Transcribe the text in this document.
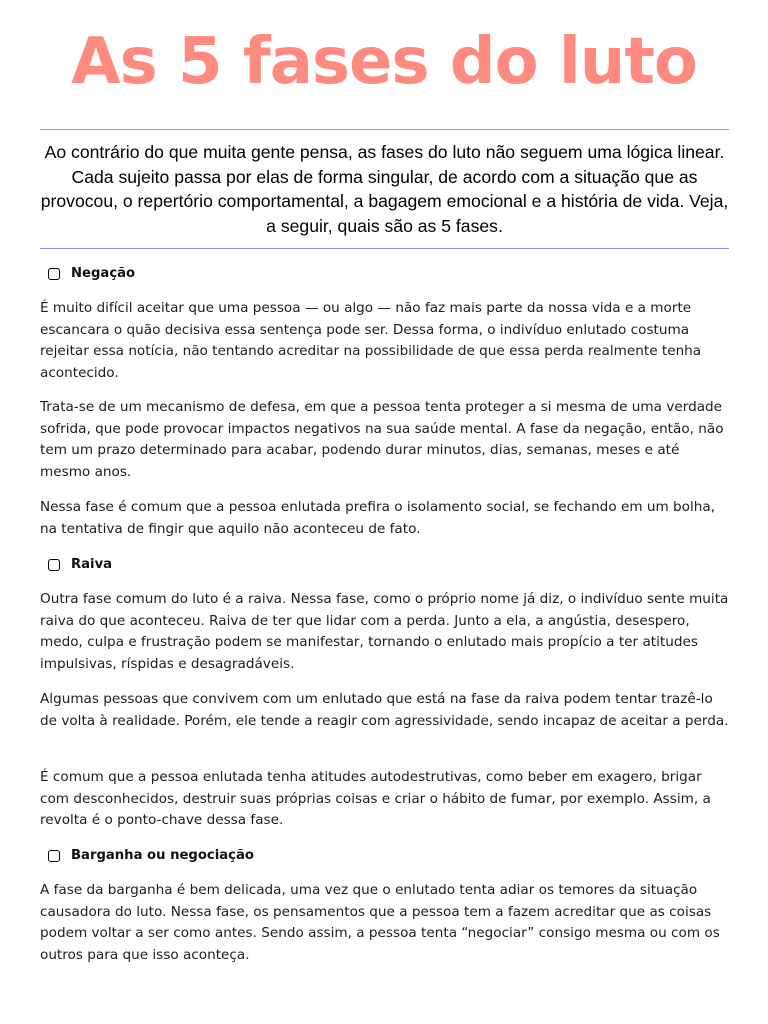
As 5 fases do luto

Ao contrário do que muita gente pensa, as fases do luto não seguem uma lógica linear. Cada sujeito passa por elas de forma singular, de acordo com a situação que as provocou, o repertório comportamental, a bagagem emocional e a história de vida. Veja, a seguir, quais são as 5 fases.

Negação

É muito difícil aceitar que uma pessoa — ou algo — não faz mais parte da nossa vida e a morte escancara o quão decisiva essa sentença pode ser. Dessa forma, o indivíduo enlutado costuma rejeitar essa notícia, não tentando acreditar na possibilidade de que essa perda realmente tenha acontecido.

Trata-se de um mecanismo de defesa, em que a pessoa tenta proteger a si mesma de uma verdade sofrida, que pode provocar impactos negativos na sua saúde mental. A fase da negação, então, não tem um prazo determinado para acabar, podendo durar minutos, dias, semanas, meses e até mesmo anos.

Nessa fase é comum que a pessoa enlutada prefira o isolamento social, se fechando em um bolha, na tentativa de fingir que aquilo não aconteceu de fato.

Raiva

Outra fase comum do luto é a raiva. Nessa fase, como o próprio nome já diz, o indivíduo sente muita raiva do que aconteceu. Raiva de ter que lidar com a perda. Junto a ela, a angústia, desespero, medo, culpa e frustração podem se manifestar, tornando o enlutado mais propício a ter atitudes impulsivas, ríspidas e desagradáveis.

Algumas pessoas que convivem com um enlutado que está na fase da raiva podem tentar trazê-lo de volta à realidade. Porém, ele tende a reagir com agressividade, sendo incapaz de aceitar a perda.

É comum que a pessoa enlutada tenha atitudes autodestrutivas, como beber em exagero, brigar com desconhecidos, destruir suas próprias coisas e criar o hábito de fumar, por exemplo. Assim, a revolta é o ponto-chave dessa fase.

Barganha ou negociação

A fase da barganha é bem delicada, uma vez que o enlutado tenta adiar os temores da situação causadora do luto. Nessa fase, os pensamentos que a pessoa tem a fazem acreditar que as coisas podem voltar a ser como antes. Sendo assim, a pessoa tenta “negociar” consigo mesma ou com os outros para que isso aconteça.
